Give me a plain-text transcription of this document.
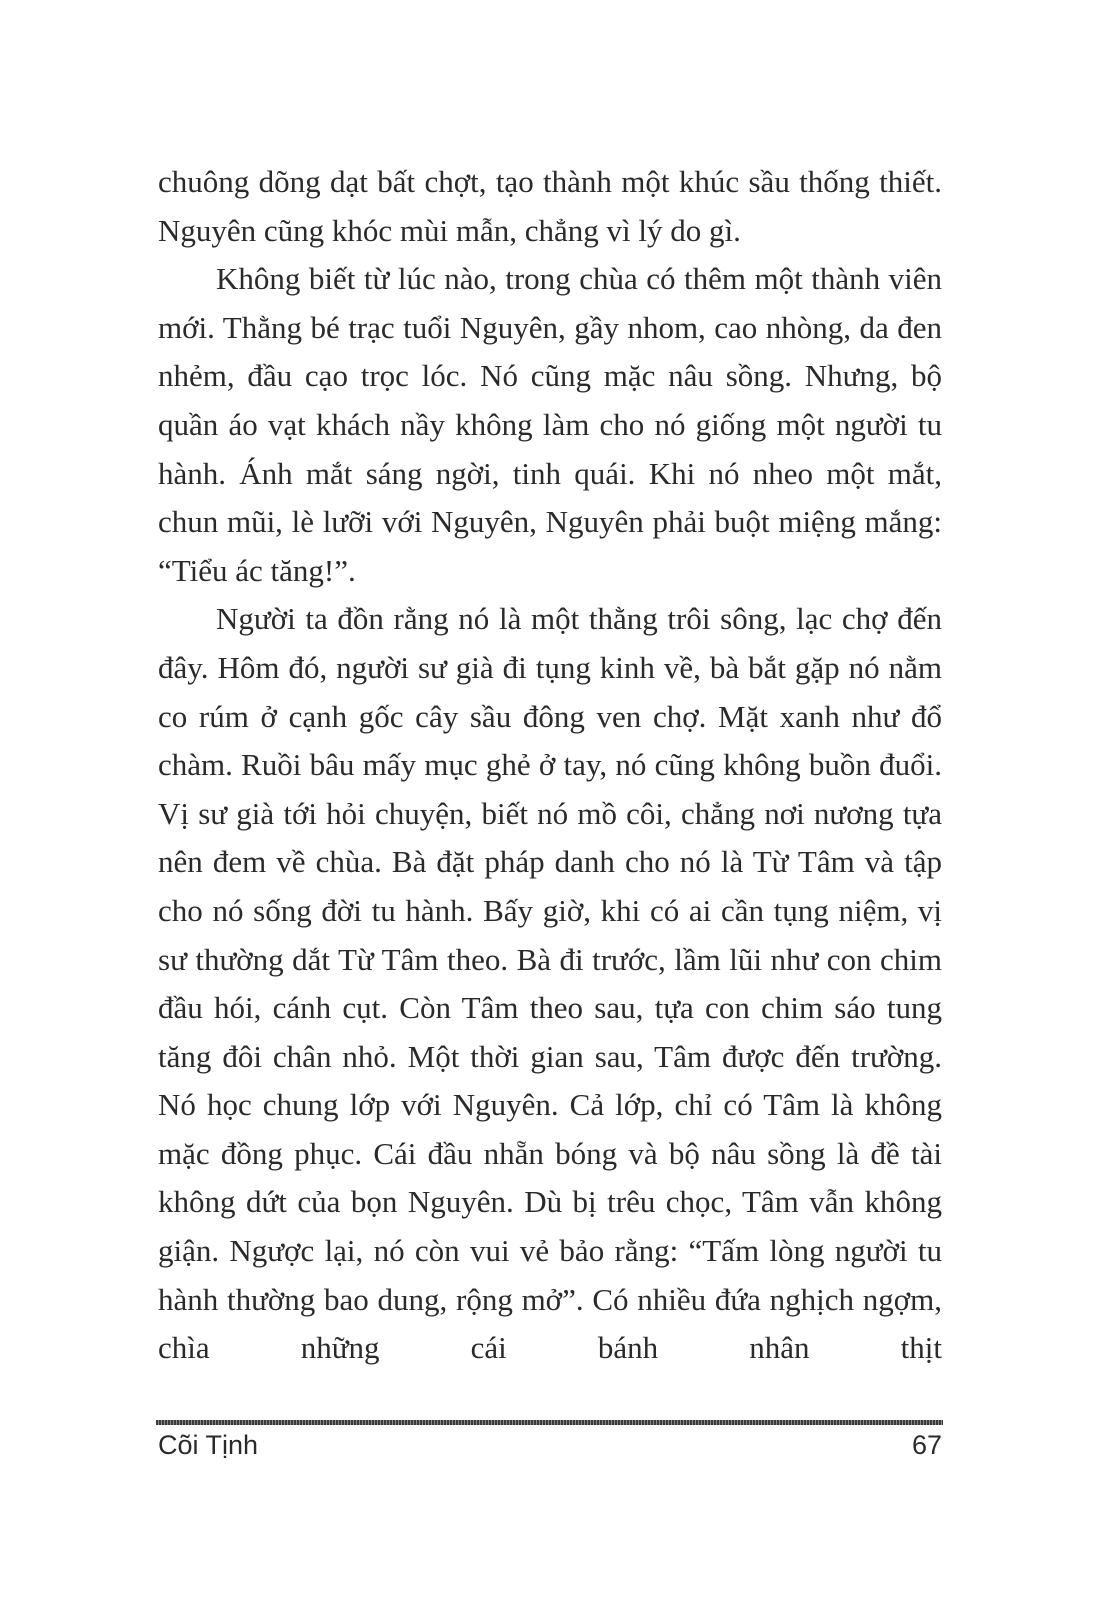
chuông dõng dạt bất chợt, tạo thành một khúc sầu thống thiết. Nguyên cũng khóc mùi mẫn, chẳng vì lý do gì.

Không biết từ lúc nào, trong chùa có thêm một thành viên mới. Thằng bé trạc tuổi Nguyên, gầy nhom, cao nhòng, da đen nhẻm, đầu cạo trọc lóc. Nó cũng mặc nâu sồng. Nhưng, bộ quần áo vạt khách nầy không làm cho nó giống một người tu hành. Ánh mắt sáng ngời, tinh quái. Khi nó nheo một mắt, chun mũi, lè lưỡi với Nguyên, Nguyên phải buột miệng mắng: “Tiểu ác tăng!”.

Người ta đồn rằng nó là một thằng trôi sông, lạc chợ đến đây. Hôm đó, người sư già đi tụng kinh về, bà bắt gặp nó nằm co rúm ở cạnh gốc cây sầu đông ven chợ. Mặt xanh như đổ chàm. Ruồi bâu mấy mục ghẻ ở tay, nó cũng không buồn đuổi. Vị sư già tới hỏi chuyện, biết nó mồ côi, chẳng nơi nương tựa nên đem về chùa. Bà đặt pháp danh cho nó là Từ Tâm và tập cho nó sống đời tu hành. Bấy giờ, khi có ai cần tụng niệm, vị sư thường dắt Từ Tâm theo. Bà đi trước, lầm lũi như con chim đầu hói, cánh cụt. Còn Tâm theo sau, tựa con chim sáo tung tăng đôi chân nhỏ. Một thời gian sau, Tâm được đến trường. Nó học chung lớp với Nguyên. Cả lớp, chỉ có Tâm là không mặc đồng phục. Cái đầu nhẵn bóng và bộ nâu sồng là đề tài không dứt của bọn Nguyên. Dù bị trêu chọc, Tâm vẫn không giận. Ngược lại, nó còn vui vẻ bảo rằng: “Tấm lòng người tu hành thường bao dung, rộng mở”. Có nhiều đứa nghịch ngợm, chìa những cái bánh nhân thịt

Cõi Tịnh	67
